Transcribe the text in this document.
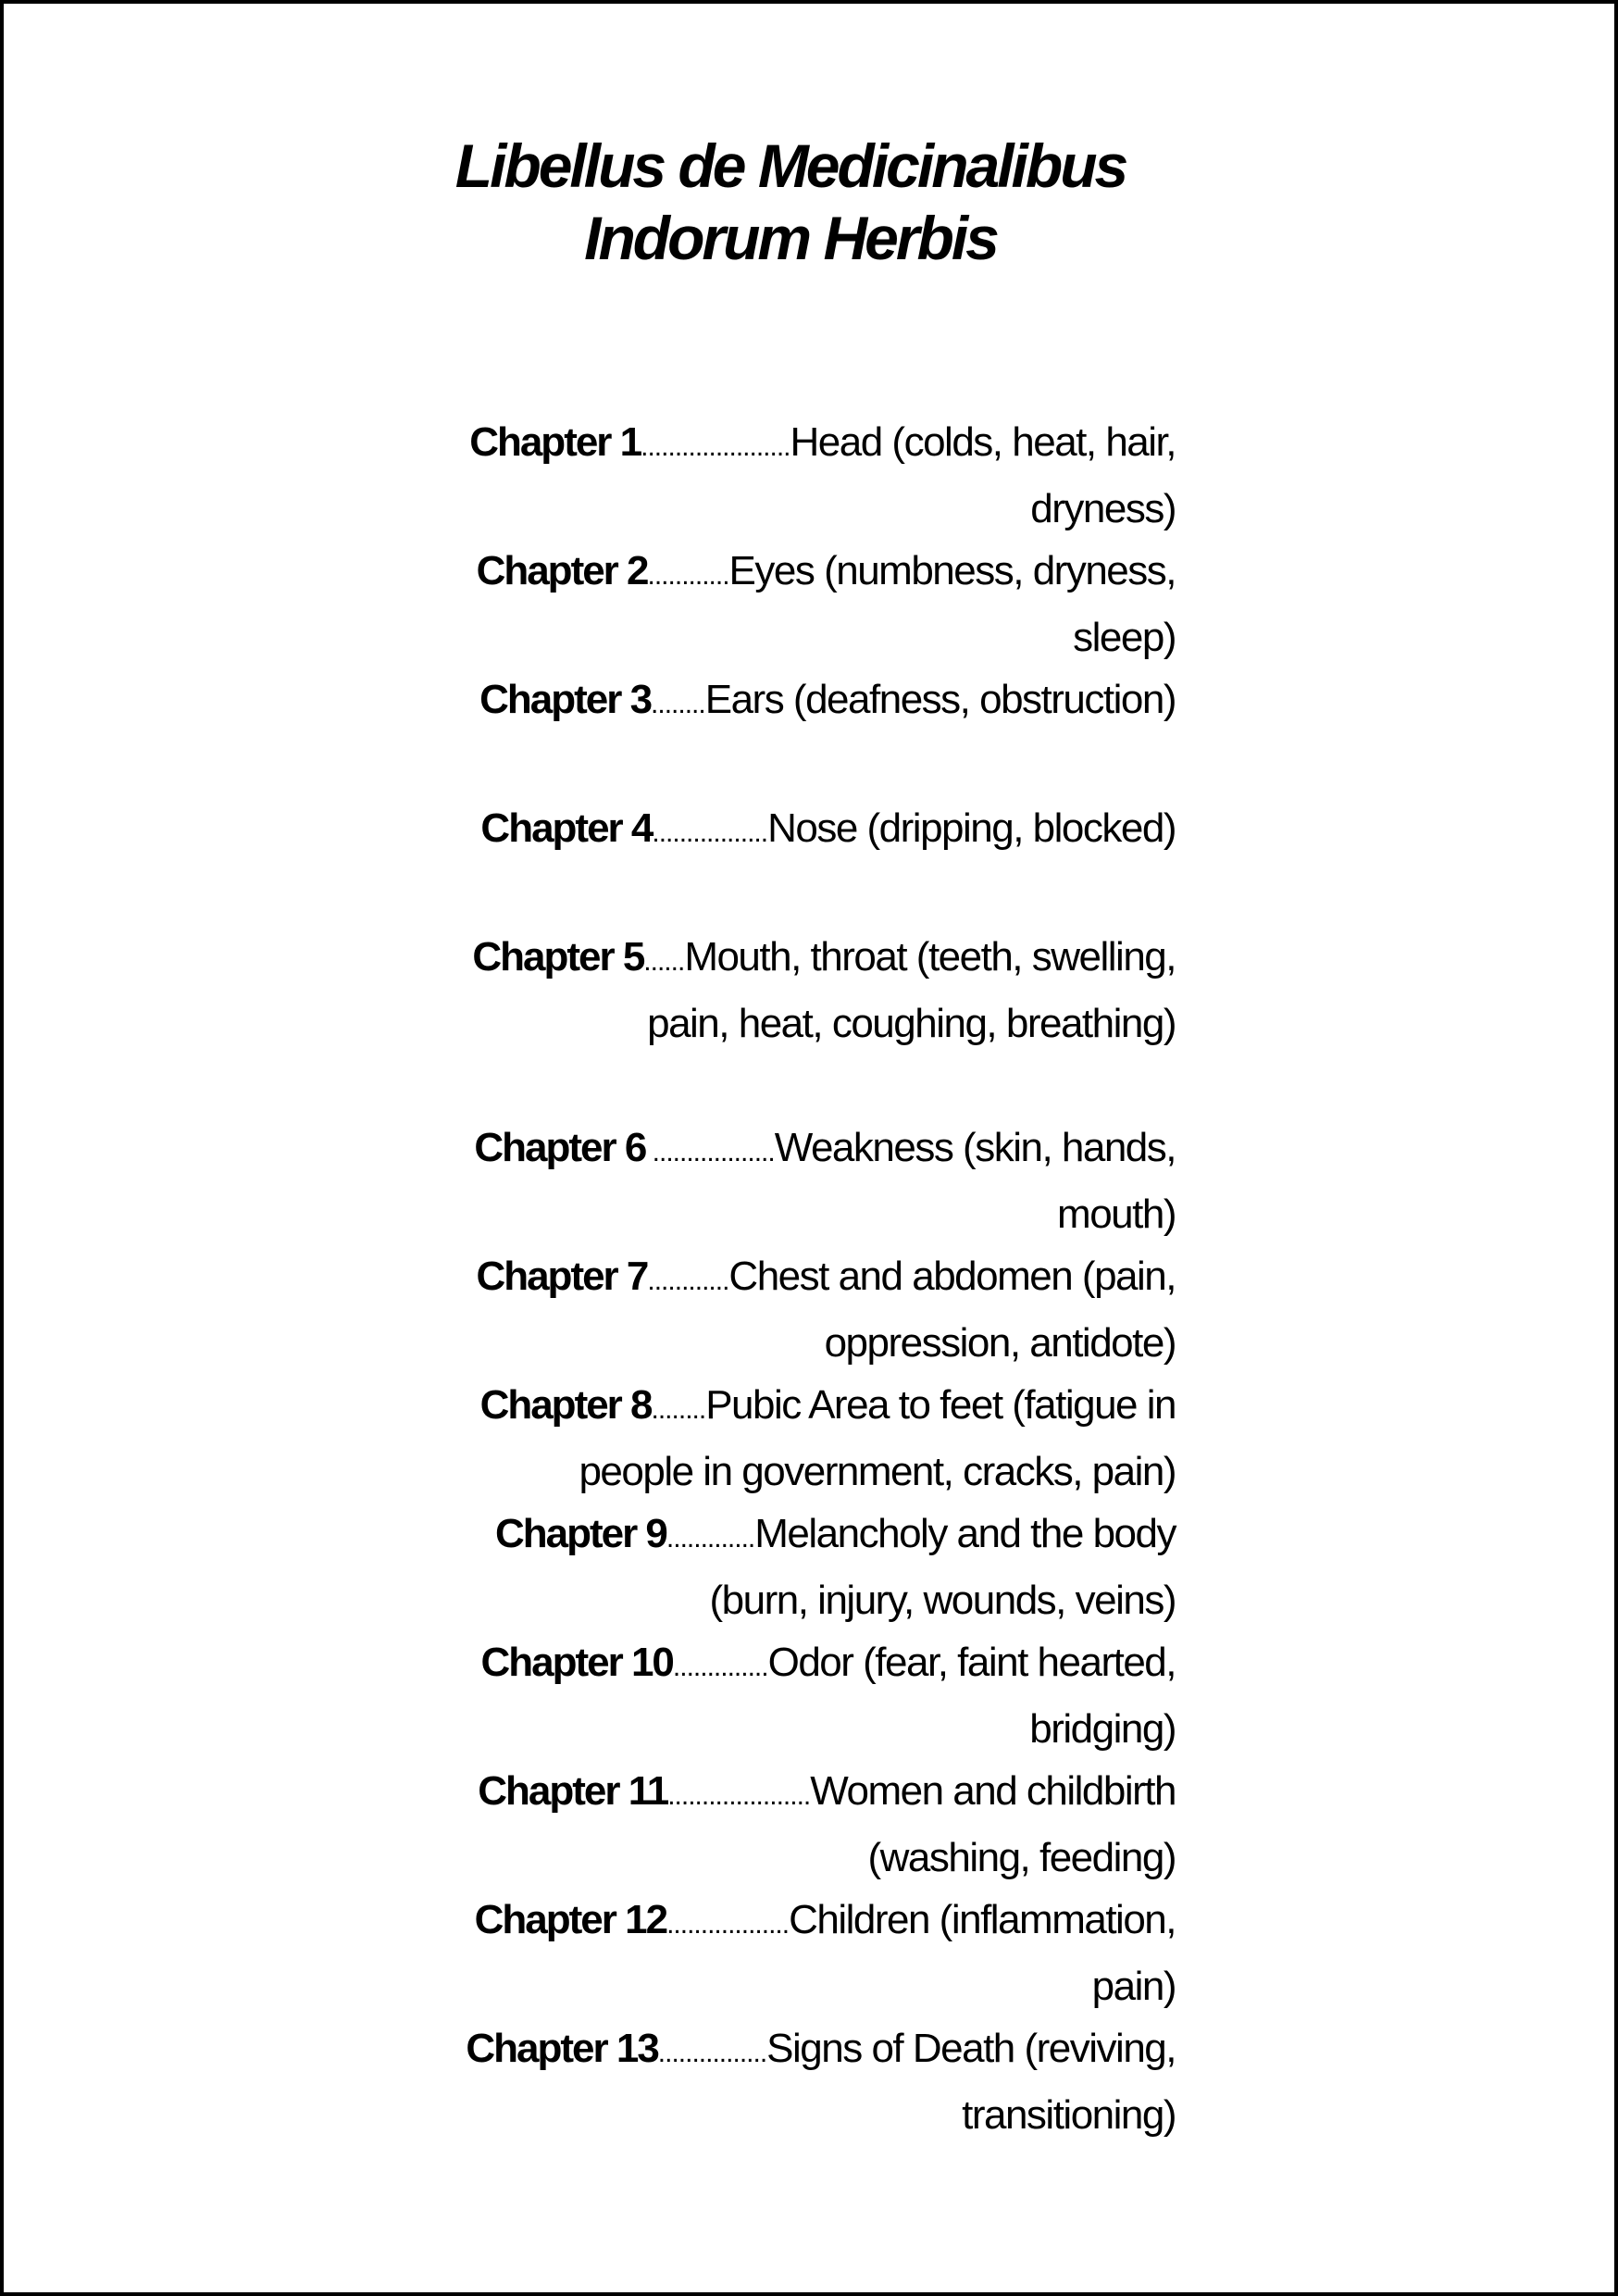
Libellus de Medicinalibus
Indorum Herbis
Chapter 1......................Head (colds, heat, hair, dryness)
Chapter 2............Eyes (numbness, dryness, sleep)
Chapter 3........Ears (deafness, obstruction)
Chapter 4.................Nose (dripping, blocked)
Chapter 5......Mouth, throat (teeth, swelling, pain, heat, coughing, breathing)
Chapter 6 ..................Weakness (skin, hands, mouth)
Chapter 7............Chest and abdomen (pain, oppression, antidote)
Chapter 8........Pubic Area to feet (fatigue in people in government, cracks, pain)
Chapter 9.............Melancholy and the body (burn, injury, wounds, veins)
Chapter 10..............Odor (fear, faint hearted, bridging)
Chapter 11.....................Women and childbirth (washing, feeding)
Chapter 12..................Children (inflammation, pain)
Chapter 13................Signs of Death (reviving, transitioning)
